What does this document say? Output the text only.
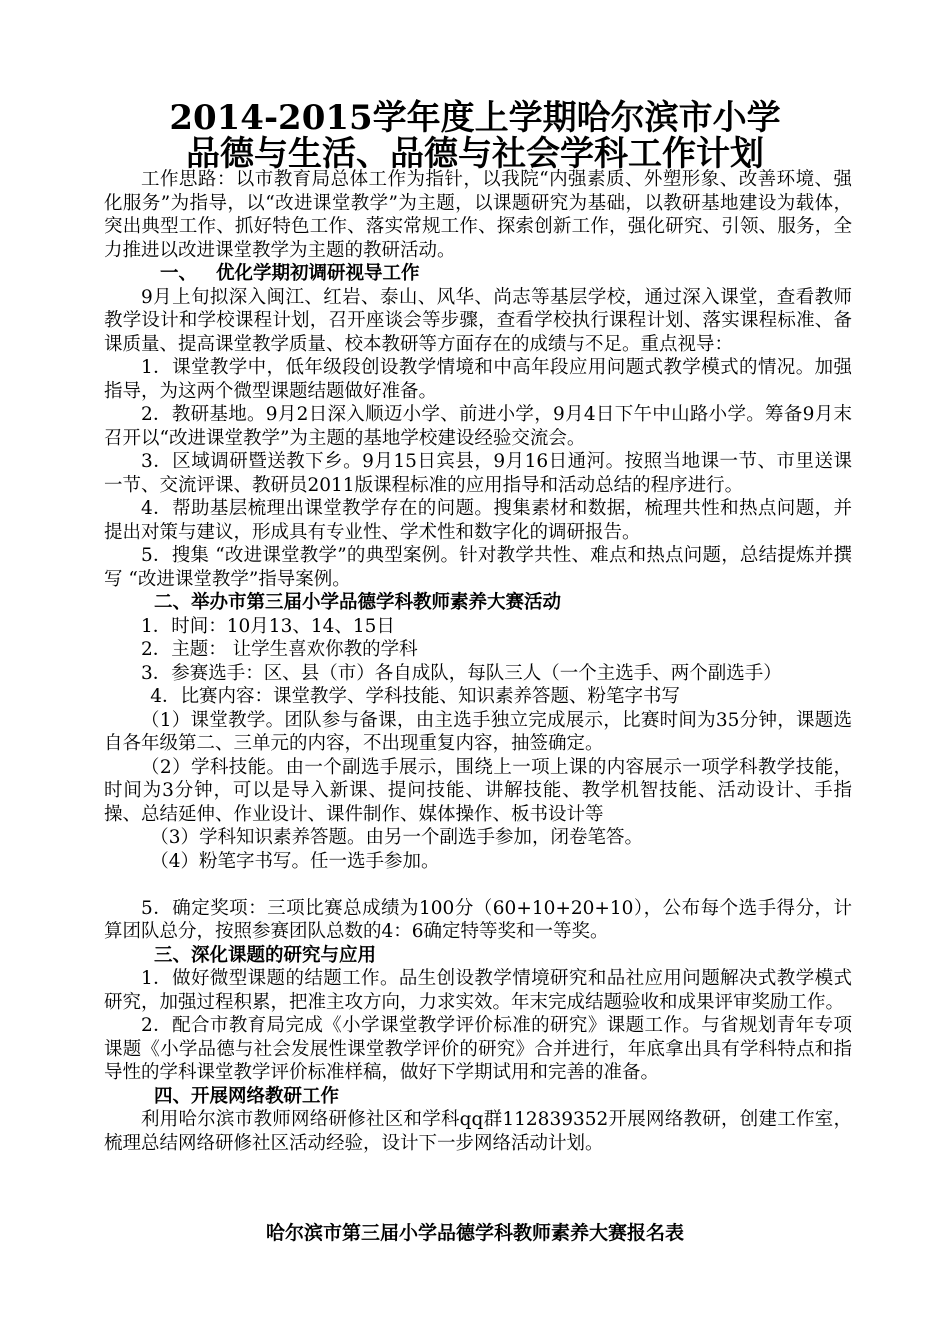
2014-2015学年度上学期哈尔滨市小学
品德与生活、品德与社会学科工作计划

工作思路：以市教育局总体工作为指针，以我院“内强素质、外塑形象、改善环境、强化服务”为指导，以“改进课堂教学”为主题，以课题研究为基础，以教研基地建设为载体，突出典型工作、抓好特色工作、落实常规工作、探索创新工作，强化研究、引领、服务，全力推进以改进课堂教学为主题的教研活动。

一、 优化学期初调研视导工作

9月上旬拟深入闽江、红岩、泰山、风华、尚志等基层学校，通过深入课堂，查看教师教学设计和学校课程计划，召开座谈会等步骤，查看学校执行课程计划、落实课程标准、备课质量、提高课堂教学质量、校本教研等方面存在的成绩与不足。重点视导：

1．课堂教学中，低年级段创设教学情境和中高年段应用问题式教学模式的情况。加强指导，为这两个微型课题结题做好准备。

2．教研基地。9月2日深入顺迈小学、前进小学，9月4日下午中山路小学。筹备9月末召开以“改进课堂教学”为主题的基地学校建设经验交流会。

3．区域调研暨送教下乡。9月15日宾县，9月16日通河。按照当地课一节、市里送课一节、交流评课、教研员2011版课程标准的应用指导和活动总结的程序进行。

4．帮助基层梳理出课堂教学存在的问题。搜集素材和数据，梳理共性和热点问题，并提出对策与建议，形成具有专业性、学术性和数字化的调研报告。

5．搜集 “改进课堂教学”的典型案例。针对教学共性、难点和热点问题，总结提炼并撰写 “改进课堂教学”指导案例。

二、举办市第三届小学品德学科教师素养大赛活动

1．时间：10月13、14、15日

2．主题： 让学生喜欢你教的学科

3．参赛选手：区、县（市）各自成队，每队三人（一个主选手、两个副选手）

4．比赛内容：课堂教学、学科技能、知识素养答题、粉笔字书写

（1）课堂教学。团队参与备课，由主选手独立完成展示，比赛时间为35分钟，课题选自各年级第二、三单元的内容，不出现重复内容，抽签确定。

（2）学科技能。由一个副选手展示，围绕上一项上课的内容展示一项学科教学技能，时间为3分钟，可以是导入新课、提问技能、讲解技能、教学机智技能、活动设计、手指操、总结延伸、作业设计、课件制作、媒体操作、板书设计等

（3）学科知识素养答题。由另一个副选手参加，闭卷笔答。

（4）粉笔字书写。任一选手参加。

5．确定奖项：三项比赛总成绩为100分（60+10+20+10），公布每个选手得分，计算团队总分，按照参赛团队总数的4：6确定特等奖和一等奖。

三、深化课题的研究与应用

1．做好微型课题的结题工作。品生创设教学情境研究和品社应用问题解决式教学模式研究，加强过程积累，把准主攻方向，力求实效。年末完成结题验收和成果评审奖励工作。

2．配合市教育局完成《小学课堂教学评价标准的研究》课题工作。与省规划青年专项课题《小学品德与社会发展性课堂教学评价的研究》合并进行，年底拿出具有学科特点和指导性的学科课堂教学评价标准样稿，做好下学期试用和完善的准备。

四、开展网络教研工作

利用哈尔滨市教师网络研修社区和学科qq群112839352开展网络教研，创建工作室，梳理总结网络研修社区活动经验，设计下一步网络活动计划。

哈尔滨市第三届小学品德学科教师素养大赛报名表
